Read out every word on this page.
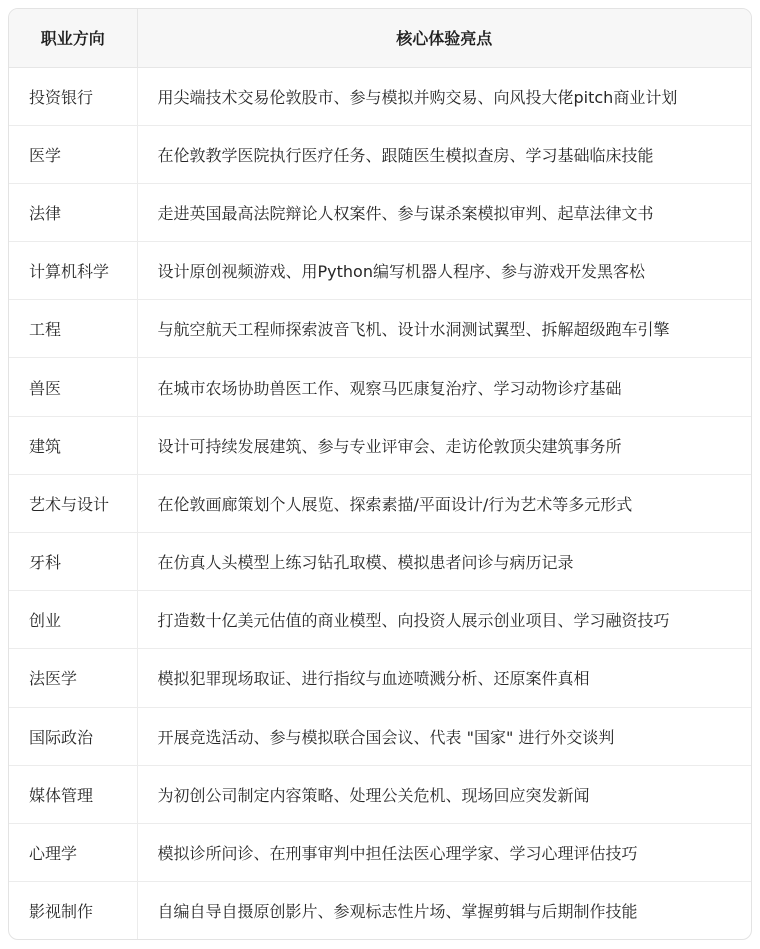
职业方向	核心体验亮点
投资银行	用尖端技术交易伦敦股市、参与模拟并购交易、向风投大佬pitch商业计划
医学	在伦敦教学医院执行医疗任务、跟随医生模拟查房、学习基础临床技能
法律	走进英国最高法院辩论人权案件、参与谋杀案模拟审判、起草法律文书
计算机科学	设计原创视频游戏、用Python编写机器人程序、参与游戏开发黑客松
工程	与航空航天工程师探索波音飞机、设计水洞测试翼型、拆解超级跑车引擎
兽医	在城市农场协助兽医工作、观察马匹康复治疗、学习动物诊疗基础
建筑	设计可持续发展建筑、参与专业评审会、走访伦敦顶尖建筑事务所
艺术与设计	在伦敦画廊策划个人展览、探索素描/平面设计/行为艺术等多元形式
牙科	在仿真人头模型上练习钻孔取模、模拟患者问诊与病历记录
创业	打造数十亿美元估值的商业模型、向投资人展示创业项目、学习融资技巧
法医学	模拟犯罪现场取证、进行指纹与血迹喷溅分析、还原案件真相
国际政治	开展竞选活动、参与模拟联合国会议、代表 "国家" 进行外交谈判
媒体管理	为初创公司制定内容策略、处理公关危机、现场回应突发新闻
心理学	模拟诊所问诊、在刑事审判中担任法医心理学家、学习心理评估技巧
影视制作	自编自导自摄原创影片、参观标志性片场、掌握剪辑与后期制作技能
